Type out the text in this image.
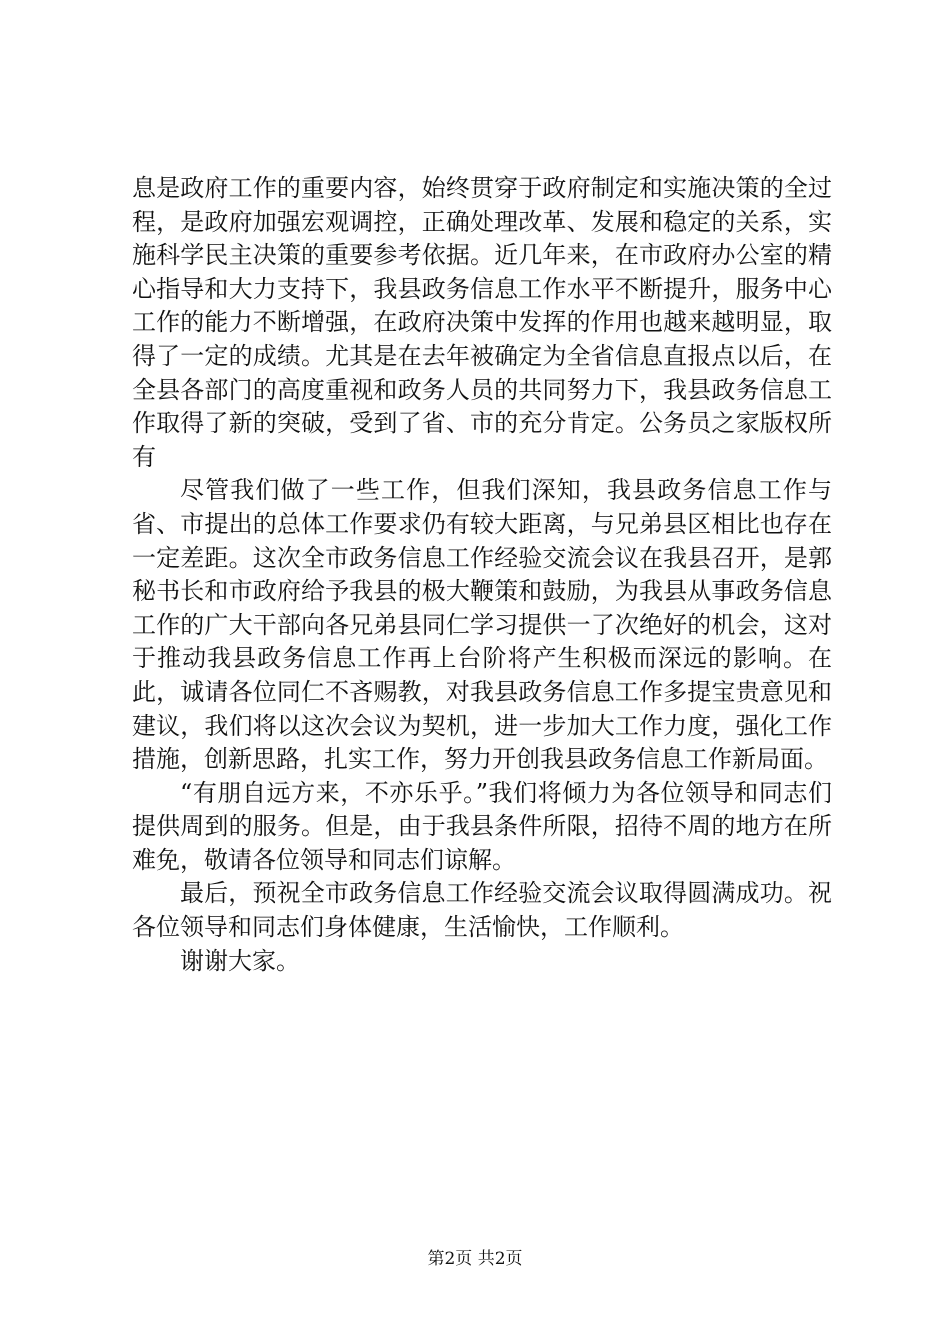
息是政府工作的重要内容，始终贯穿于政府制定和实施决策的全过程，是政府加强宏观调控，正确处理改革、发展和稳定的关系，实施科学民主决策的重要参考依据。近几年来，在市政府办公室的精心指导和大力支持下，我县政务信息工作水平不断提升，服务中心工作的能力不断增强，在政府决策中发挥的作用也越来越明显，取得了一定的成绩。尤其是在去年被确定为全省信息直报点以后，在全县各部门的高度重视和政务人员的共同努力下，我县政务信息工作取得了新的突破，受到了省、市的充分肯定。公务员之家版权所有

尽管我们做了一些工作，但我们深知，我县政务信息工作与省、市提出的总体工作要求仍有较大距离，与兄弟县区相比也存在一定差距。这次全市政务信息工作经验交流会议在我县召开，是郭秘书长和市政府给予我县的极大鞭策和鼓励，为我县从事政务信息工作的广大干部向各兄弟县同仁学习提供一了次绝好的机会，这对于推动我县政务信息工作再上台阶将产生积极而深远的影响。在此，诚请各位同仁不吝赐教，对我县政务信息工作多提宝贵意见和建议，我们将以这次会议为契机，进一步加大工作力度，强化工作措施，创新思路，扎实工作，努力开创我县政务信息工作新局面。

“有朋自远方来，不亦乐乎。”我们将倾力为各位领导和同志们提供周到的服务。但是，由于我县条件所限，招待不周的地方在所难免，敬请各位领导和同志们谅解。

最后，预祝全市政务信息工作经验交流会议取得圆满成功。祝各位领导和同志们身体健康，生活愉快，工作顺利。

谢谢大家。

第2页 共2页
